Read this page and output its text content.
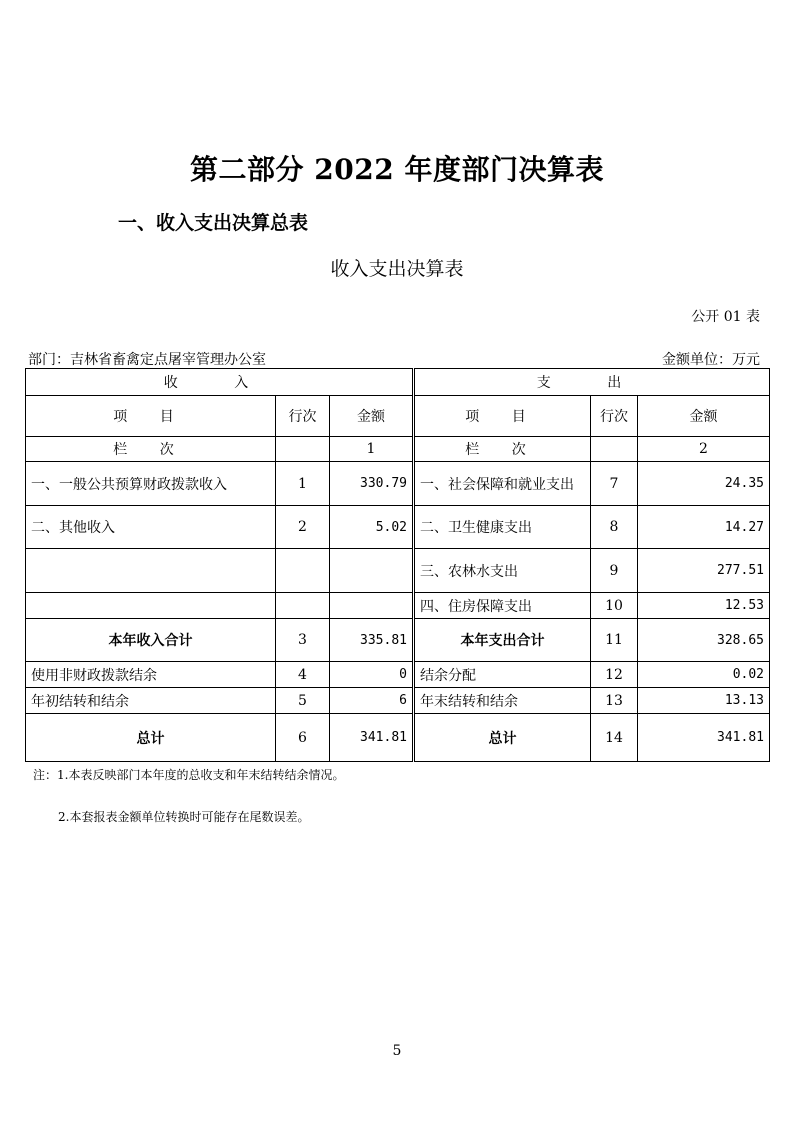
第二部分 2022 年度部门决算表
一、收入支出决算总表
收入支出决算表
公开 01 表
部门：吉林省畜禽定点屠宰管理办公室	金额单位：万元
收 入				支 出		
项 目	行次	金额		项 目	行次	金额
栏 次		1		栏 次		2
一、一般公共预算财政拨款收入	1	330.79		一、社会保障和就业支出	7	24.35
二、其他收入	2	5.02		二、卫生健康支出	8	14.27
				三、农林水支出	9	277.51
				四、住房保障支出	10	12.53
本年收入合计	3	335.81		本年支出合计	11	328.65
使用非财政拨款结余	4	0		结余分配	12	0.02
年初结转和结余	5	6		年末结转和结余	13	13.13
总计	6	341.81		总计	14	341.81
注：1.本表反映部门本年度的总收支和年末结转结余情况。
2.本套报表金额单位转换时可能存在尾数误差。
5
